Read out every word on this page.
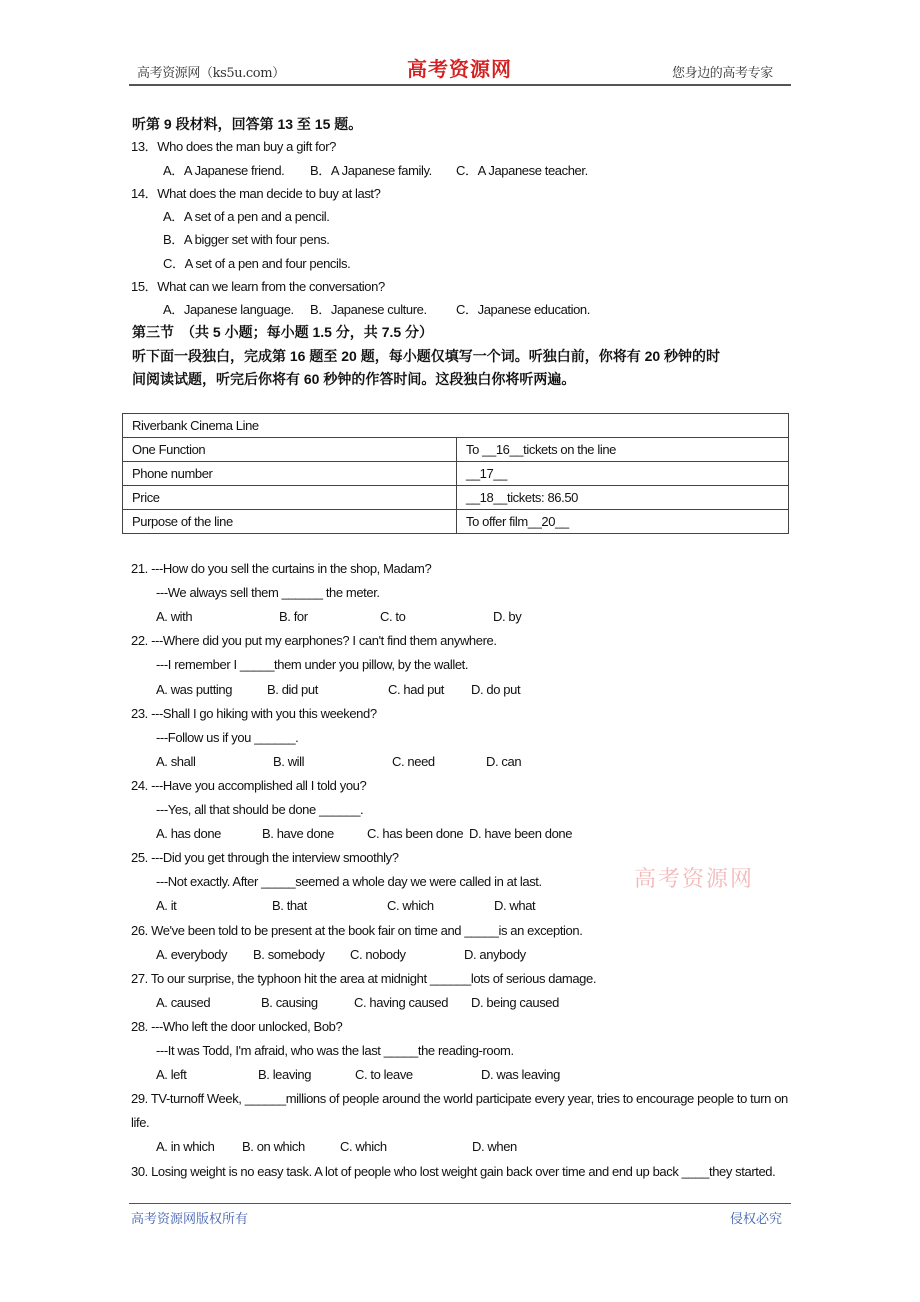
高考资源网（ks5u.com）	高考资源网	您身边的高考专家
听第 9 段材料，回答第 13 至 15 题。
13．Who does the man buy a gift for?
A．A Japanese friend. B．A Japanese family. C．A Japanese teacher.
14．What does the man decide to buy at last?
A．A set of a pen and a pencil.
B．A bigger set with four pens.
C．A set of a pen and four pencils.
15．What can we learn from the conversation?
A．Japanese language. B．Japanese culture. C．Japanese education.
第三节　（共 5 小题；每小题 1.5 分，共 7.5 分）
听下面一段独白，完成第 16 题至 20 题，每小题仅填写一个词。听独白前，你将有 20 秒钟的时
间阅读试题，听完后你将有 60 秒钟的作答时间。这段独白你将听两遍。
Riverbank Cinema Line	
One Function	To __16__tickets on the line
Phone number	__17__
Price	__18__tickets: 86.50
Purpose of the line	To offer film__20__
21. ---How do you sell the curtains in the shop, Madam?
---We always sell them ______ the meter.
A. with	B. for	C. to	D. by
22. ---Where did you put my earphones? I can't find them anywhere.
---I remember I _____them under you pillow, by the wallet.
A. was putting	B. did put	C. had put D. do put
23. ---Shall I go hiking with you this weekend?
---Follow us if you ______.
A. shall	B. will	C. need	D. can
24. ---Have you accomplished all I told you?
---Yes, all that should be done ______.
A. has done	B. have done	C. has been done D. have been done
25. ---Did you get through the interview smoothly?
---Not exactly. After _____seemed a whole day we were called in at last.
A. it	B. that	C. which	D. what
26. We've been told to be present at the book fair on time and _____is an exception.
A. everybody B. somebody C. nobody	D. anybody
27. To our surprise, the typhoon hit the area at midnight ______lots of serious damage.
A. caused	B. causing	C. having caused D. being caused
28. ---Who left the door unlocked, Bob?
---It was Todd, I'm afraid, who was the last _____the reading-room.
A. left	B. leaving	C. to leave	D. was leaving
29. TV-turnoff Week, ______millions of people around the world participate every year, tries to encourage people to turn on
life.
A. in which B. on which	C. which	D. when
30. Losing weight is no easy task. A lot of people who lost weight gain back over time and end up back ____they started.
高考资源网
高考资源网版权所有	侵权必究
